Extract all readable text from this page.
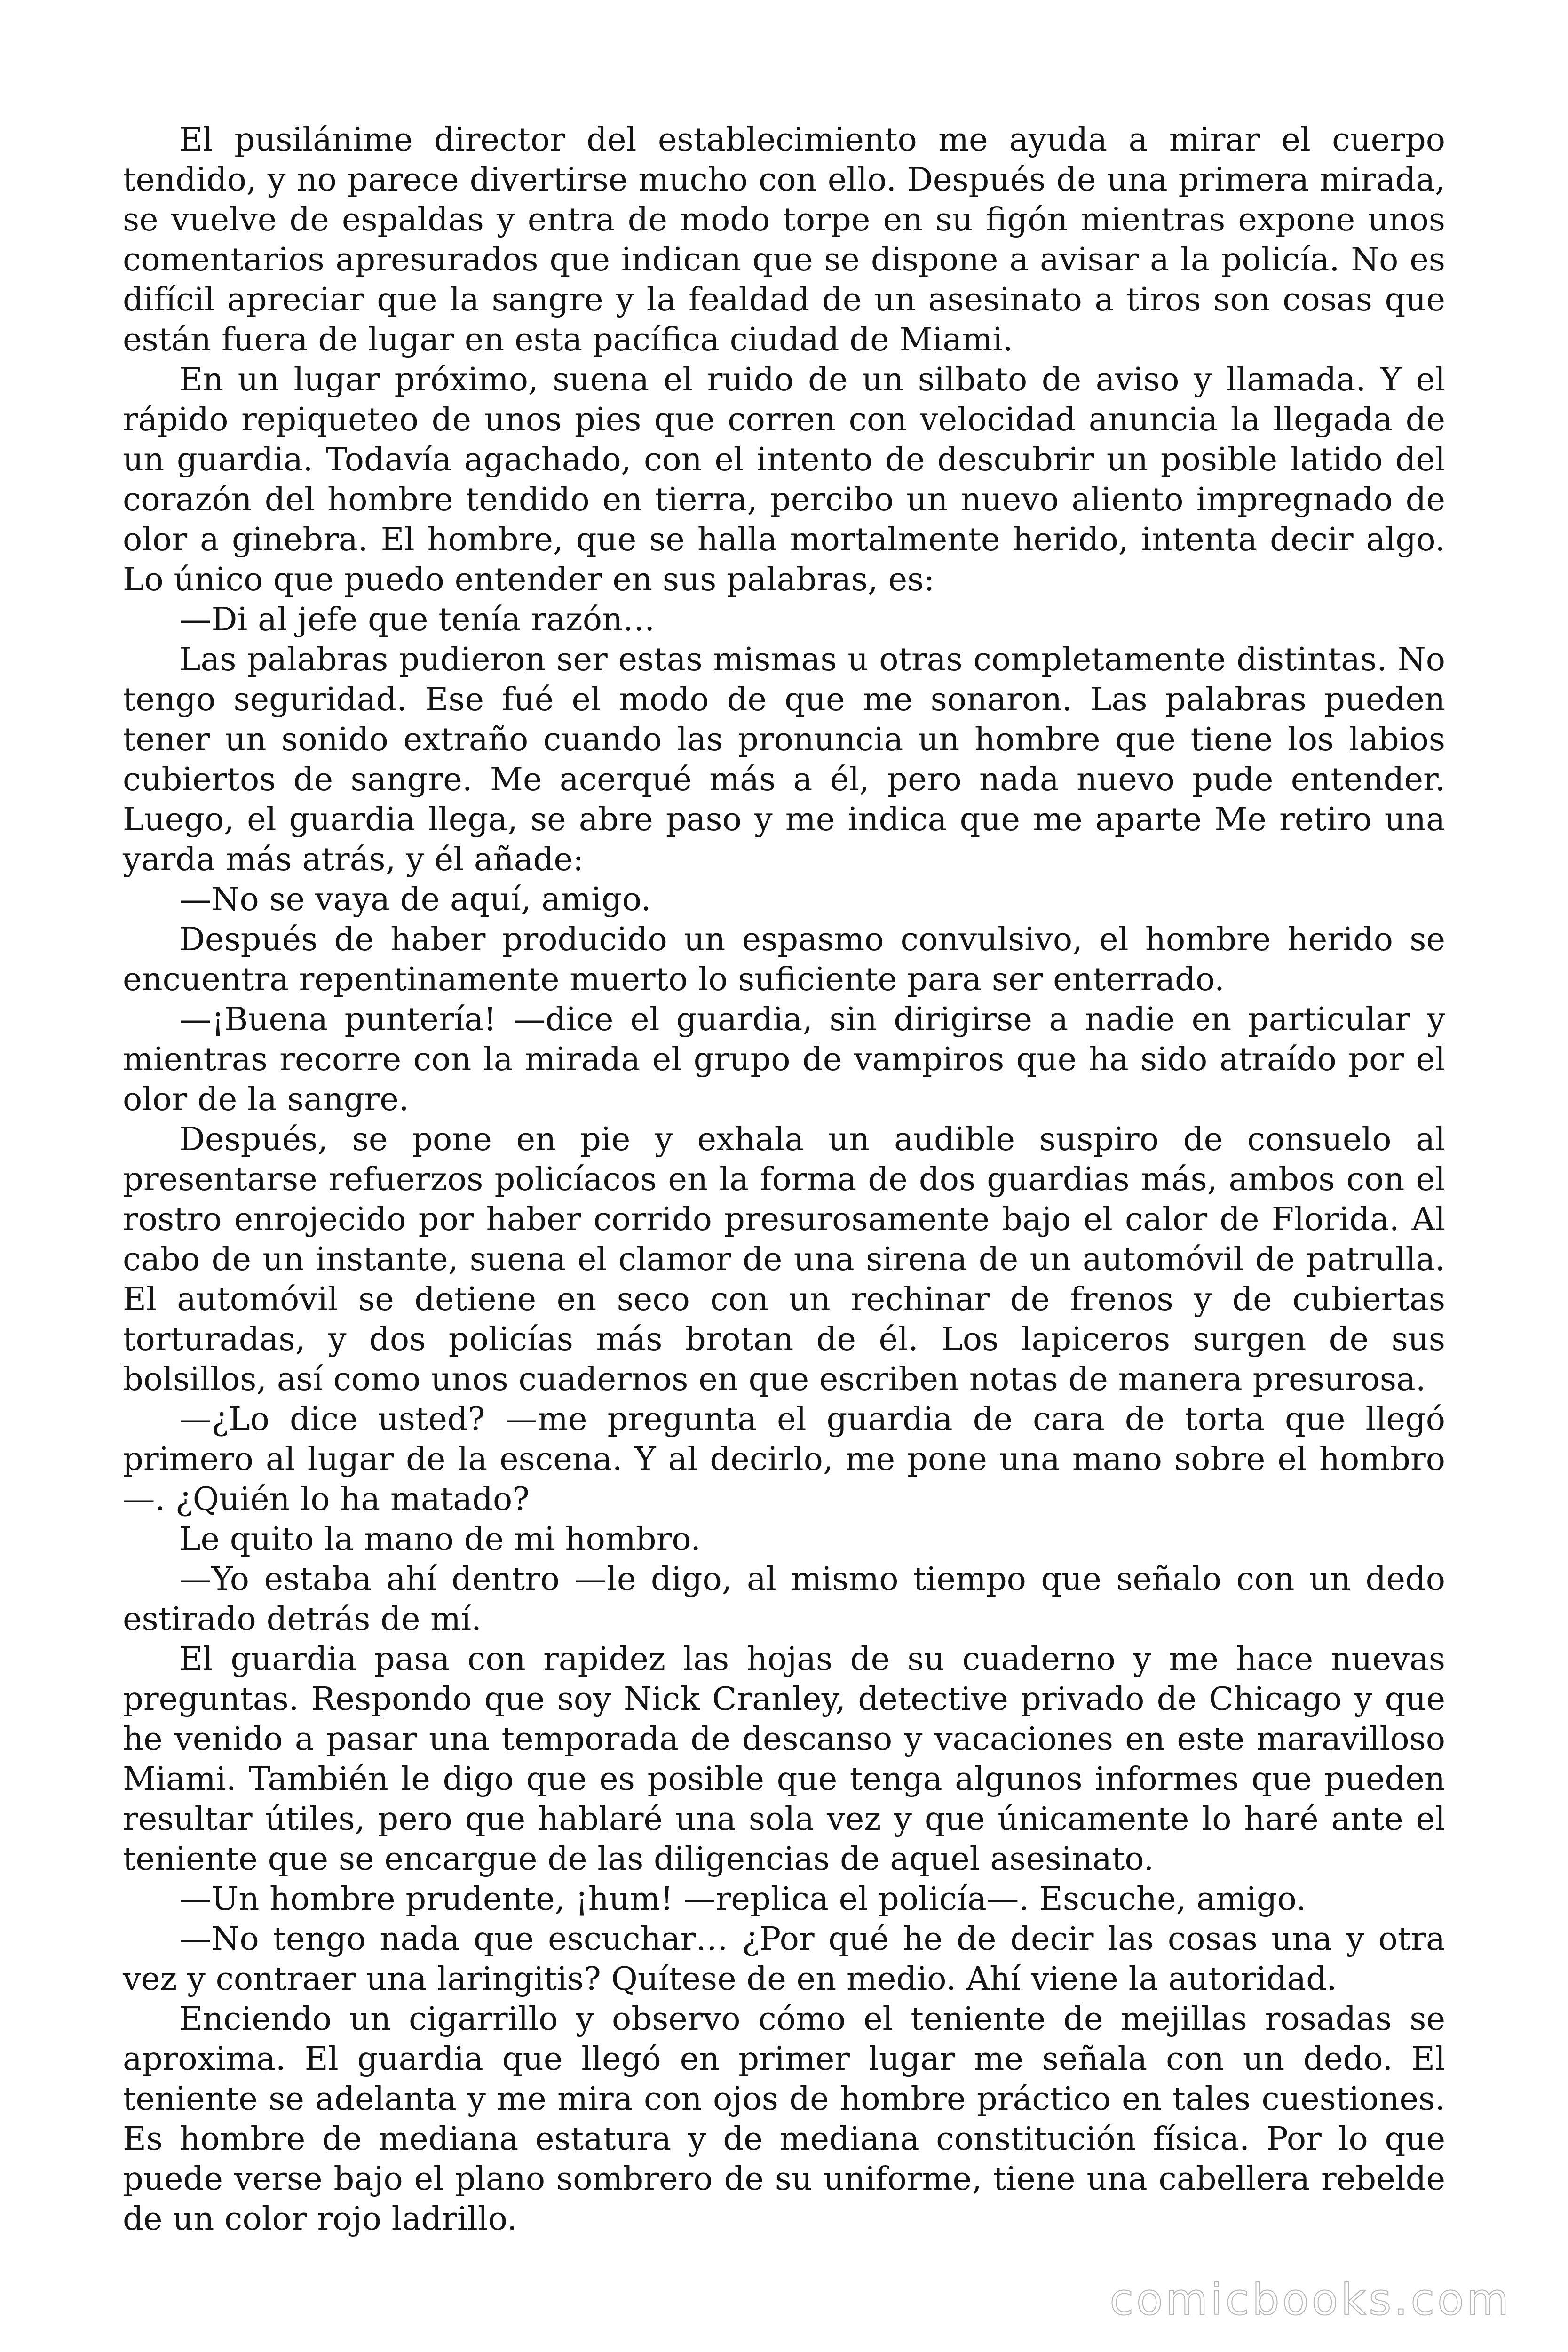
El pusilánime director del establecimiento me ayuda a mirar el cuerpo tendido, y no parece divertirse mucho con ello. Después de una primera mirada, se vuelve de espaldas y entra de modo torpe en su figón mientras expone unos comentarios apresurados que indican que se dispone a avisar a la policía. No es difícil apreciar que la sangre y la fealdad de un asesinato a tiros son cosas que están fuera de lugar en esta pacífica ciudad de Miami.

En un lugar próximo, suena el ruido de un silbato de aviso y llamada. Y el rápido repiqueteo de unos pies que corren con velocidad anuncia la llegada de un guardia. Todavía agachado, con el intento de descubrir un posible latido del corazón del hombre tendido en tierra, percibo un nuevo aliento impregnado de olor a ginebra. El hombre, que se halla mortalmente herido, intenta decir algo. Lo único que puedo entender en sus palabras, es:

—Di al jefe que tenía razón…

Las palabras pudieron ser estas mismas u otras completamente distintas. No tengo seguridad. Ese fué el modo de que me sonaron. Las palabras pueden tener un sonido extraño cuando las pronuncia un hombre que tiene los labios cubiertos de sangre. Me acerqué más a él, pero nada nuevo pude entender. Luego, el guardia llega, se abre paso y me indica que me aparte Me retiro una yarda más atrás, y él añade:

—No se vaya de aquí, amigo.

Después de haber producido un espasmo convulsivo, el hombre herido se encuentra repentinamente muerto lo suficiente para ser enterrado.

—¡Buena puntería! —dice el guardia, sin dirigirse a nadie en particular y mientras recorre con la mirada el grupo de vampiros que ha sido atraído por el olor de la sangre.

Después, se pone en pie y exhala un audible suspiro de consuelo al presentarse refuerzos policíacos en la forma de dos guardias más, ambos con el rostro enrojecido por haber corrido presurosamente bajo el calor de Florida. Al cabo de un instante, suena el clamor de una sirena de un automóvil de patrulla. El automóvil se detiene en seco con un rechinar de frenos y de cubiertas torturadas, y dos policías más brotan de él. Los lapiceros surgen de sus bolsillos, así como unos cuadernos en que escriben notas de manera presurosa.

—¿Lo dice usted? —me pregunta el guardia de cara de torta que llegó primero al lugar de la escena. Y al decirlo, me pone una mano sobre el hombro —. ¿Quién lo ha matado?

Le quito la mano de mi hombro.

—Yo estaba ahí dentro —le digo, al mismo tiempo que señalo con un dedo estirado detrás de mí.

El guardia pasa con rapidez las hojas de su cuaderno y me hace nuevas preguntas. Respondo que soy Nick Cranley, detective privado de Chicago y que he venido a pasar una temporada de descanso y vacaciones en este maravilloso Miami. También le digo que es posible que tenga algunos informes que pueden resultar útiles, pero que hablaré una sola vez y que únicamente lo haré ante el teniente que se encargue de las diligencias de aquel asesinato.

—Un hombre prudente, ¡hum! —replica el policía—. Escuche, amigo.

—No tengo nada que escuchar… ¿Por qué he de decir las cosas una y otra vez y contraer una laringitis? Quítese de en medio. Ahí viene la autoridad.

Enciendo un cigarrillo y observo cómo el teniente de mejillas rosadas se aproxima. El guardia que llegó en primer lugar me señala con un dedo. El teniente se adelanta y me mira con ojos de hombre práctico en tales cuestiones. Es hombre de mediana estatura y de mediana constitución física. Por lo que puede verse bajo el plano sombrero de su uniforme, tiene una cabellera rebelde de un color rojo ladrillo.

comicbooks.com
